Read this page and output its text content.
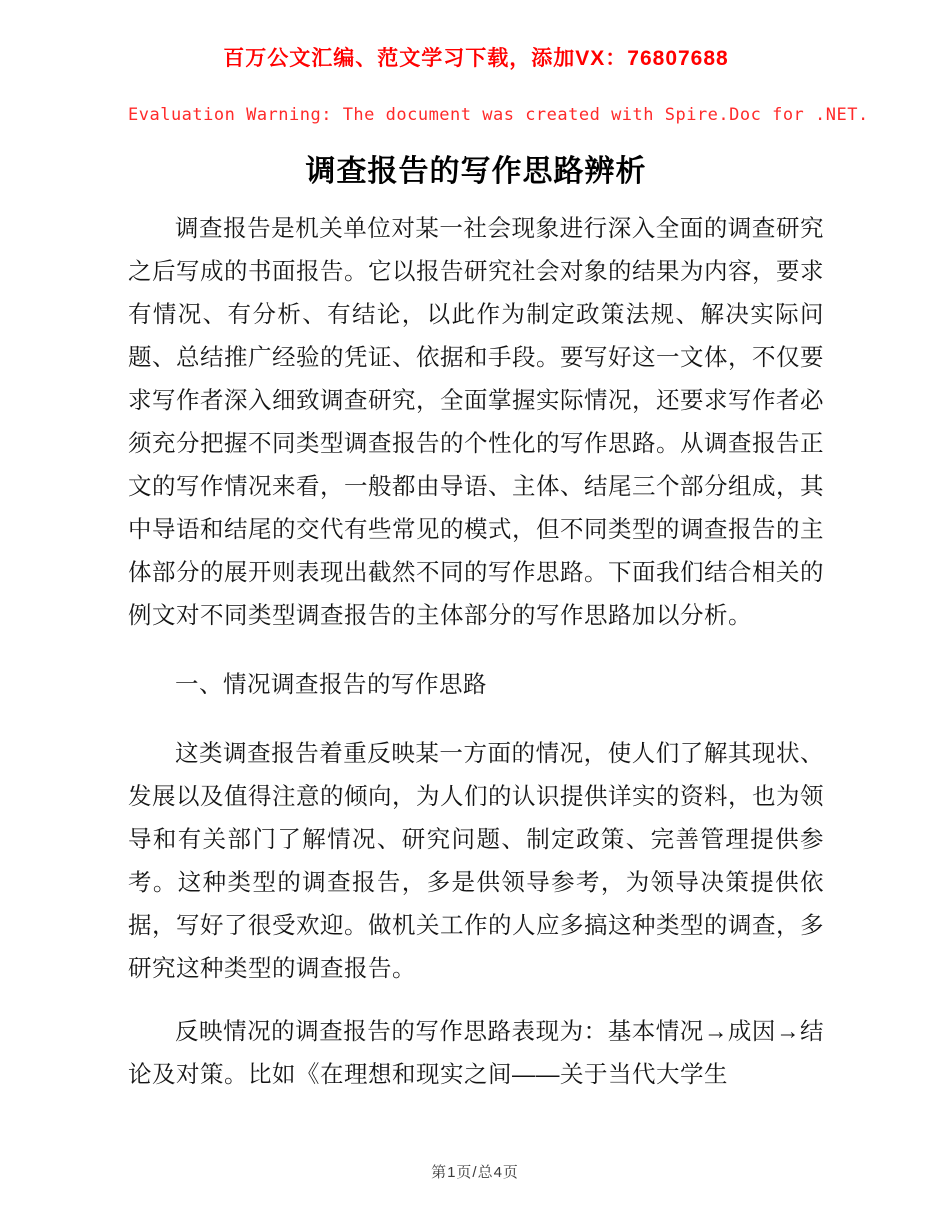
百万公文汇编、范文学习下载，添加VX：76807688
Evaluation Warning: The document was created with Spire.Doc for .NET.
调查报告的写作思路辨析

调查报告是机关单位对某一社会现象进行深入全面的调查研究之后写成的书面报告。它以报告研究社会对象的结果为内容，要求有情况、有分析、有结论，以此作为制定政策法规、解决实际问题、总结推广经验的凭证、依据和手段。要写好这一文体，不仅要求写作者深入细致调查研究，全面掌握实际情况，还要求写作者必须充分把握不同类型调查报告的个性化的写作思路。从调查报告正文的写作情况来看，一般都由导语、主体、结尾三个部分组成，其中导语和结尾的交代有些常见的模式，但不同类型的调查报告的主体部分的展开则表现出截然不同的写作思路。下面我们结合相关的例文对不同类型调查报告的主体部分的写作思路加以分析。

一、情况调查报告的写作思路

这类调查报告着重反映某一方面的情况，使人们了解其现状、发展以及值得注意的倾向，为人们的认识提供详实的资料，也为领导和有关部门了解情况、研究问题、制定政策、完善管理提供参考。这种类型的调查报告，多是供领导参考，为领导决策提供依据，写好了很受欢迎。做机关工作的人应多搞这种类型的调查，多研究这种类型的调查报告。

反映情况的调查报告的写作思路表现为：基本情况→成因→结论及对策。比如《在理想和现实之间——关于当代大学生

第1页/总4页
